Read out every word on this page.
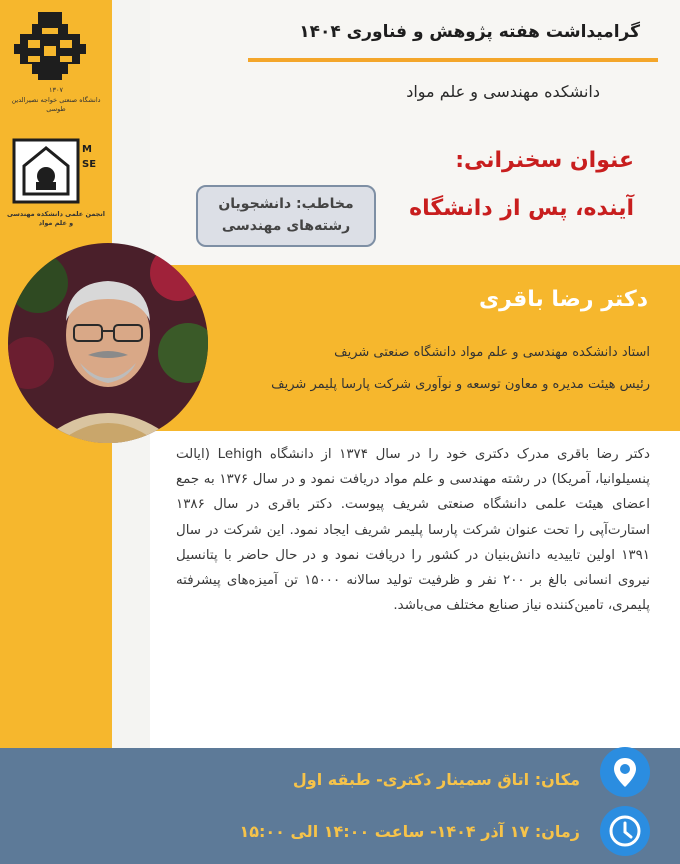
۱۳۰۷
دانشگاه صنعتی خواجه نصیرالدین طوسی
MSE
انجمن علمی دانشکده مهندسی و علم مواد
گرامیداشت هفته پژوهش و فناوری ۱۴۰۴
دانشکده مهندسی و علم مواد
عنوان سخنرانی:
آینده، پس از دانشگاه
مخاطب: دانشجویان
رشته‌های مهندسی
دکتر رضا باقری
استاد دانشکده مهندسی و علم مواد دانشگاه صنعتی شریف
رئیس هیئت مدیره و معاون توسعه و نوآوری شرکت پارسا پلیمر شریف
دکتر رضا باقری مدرک دکتری خود را در سال ۱۳۷۴ از دانشگاه Lehigh (ایالت پنسیلوانیا، آمریکا) در رشته مهندسی و علم مواد دریافت نمود و در سال ۱۳۷۶ به جمع اعضای هیئت علمی دانشگاه صنعتی شریف پیوست. دکتر باقری در سال ۱۳۸۶ استارت‌آپی را تحت عنوان شرکت پارسا پلیمر شریف ایجاد نمود. این شرکت در سال ۱۳۹۱ اولین تاییدیه دانش‌بنیان در کشور را دریافت نمود و در حال حاضر با پتانسیل نیروی انسانی بالغ بر ۲۰۰ نفر و ظرفیت تولید سالانه ۱۵۰۰۰ تن آمیزه‌های پیشرفته پلیمری، تامین‌کننده نیاز صنایع مختلف می‌باشد.
مکان: اتاق سمینار دکتری- طبقه اول
زمان: ۱۷ آذر ۱۴۰۴- ساعت ۱۴:۰۰ الی ۱۵:۰۰
